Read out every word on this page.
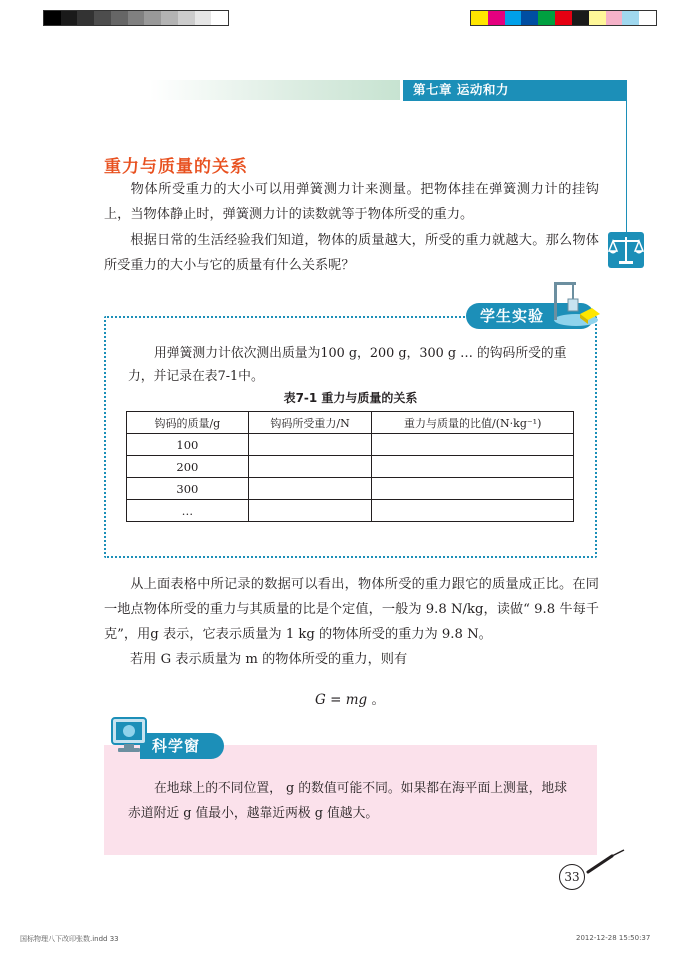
第七章 运动和力
重力与质量的关系
物体所受重力的大小可以用弹簧测力计来测量。把物体挂在弹簧测力计的挂钩上，当物体静止时，弹簧测力计的读数就等于物体所受的重力。
根据日常的生活经验我们知道，物体的质量越大，所受的重力就越大。那么物体所受重力的大小与它的质量有什么关系呢？
学生实验
用弹簧测力计依次测出质量为100 g，200 g，300 g … 的钩码所受的重力，并记录在表7-1中。
表7-1 重力与质量的关系
钩码的质量/g	钩码所受重力/N	重力与质量的比值/(N·kg⁻¹)
100		
200		
300		
…		
从上面表格中所记录的数据可以看出，物体所受的重力跟它的质量成正比。在同一地点物体所受的重力与其质量的比是个定值，一般为 9.8 N/kg，读做“ 9.8 牛每千克”，用g 表示，它表示质量为 1 kg 的物体所受的重力为 9.8 N。
若用 G 表示质量为 m 的物体所受的重力，则有
G = mg 。
科学窗
在地球上的不同位置， g 的数值可能不同。如果都在海平面上测量，地球赤道附近 g 值最小，越靠近两极 g 值越大。
33
国标物理八下改印张数.indd 33	2012-12-28 15:50:37
